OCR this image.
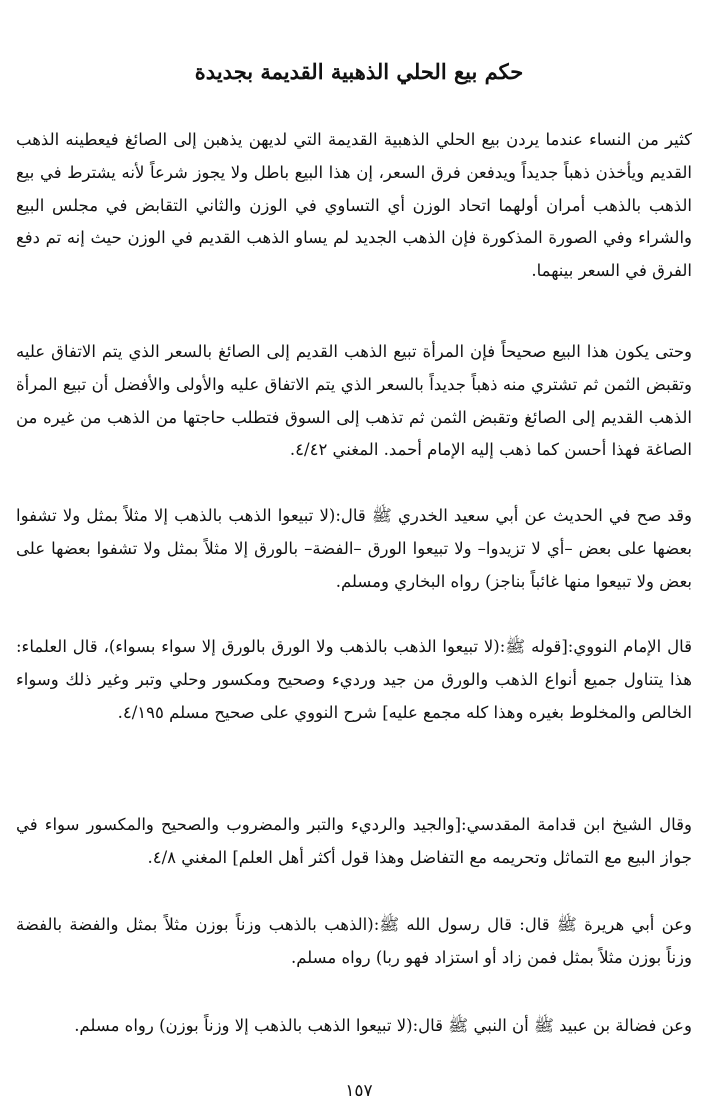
حكم بيع الحلي الذهبية القديمة بجديدة

كثير من النساء عندما يردن بيع الحلي الذهبية القديمة التي لديهن يذهبن إلى الصائغ فيعطينه الذهب القديم ويأخذن ذهباً جديداً ويدفعن فرق السعر، إن هذا البيع باطل ولا يجوز شرعاً لأنه يشترط في بيع الذهب بالذهب أمران أولهما اتحاد الوزن أي التساوي في الوزن والثاني التقابض في مجلس البيع والشراء وفي الصورة المذكورة فإن الذهب الجديد لم يساو الذهب القديم في الوزن حيث إنه تم دفع الفرق في السعر بينهما.

وحتى يكون هذا البيع صحيحاً فإن المرأة تبيع الذهب القديم إلى الصائغ بالسعر الذي يتم الاتفاق عليه وتقبض الثمن ثم تشتري منه ذهباً جديداً بالسعر الذي يتم الاتفاق عليه والأولى والأفضل أن تبيع المرأة الذهب القديم إلى الصائغ وتقبض الثمن ثم تذهب إلى السوق فتطلب حاجتها من الذهب من غيره من الصاغة فهذا أحسن كما ذهب إليه الإمام أحمد. المغني ٤/٤٢.

وقد صح في الحديث عن أبي سعيد الخدري ﷺ قال:(لا تبيعوا الذهب بالذهب إلا مثلاً بمثل ولا تشفوا بعضها على بعض –أي لا تزيدوا– ولا تبيعوا الورق –الفضة– بالورق إلا مثلاً بمثل ولا تشفوا بعضها على بعض ولا تبيعوا منها غائباً بناجز) رواه البخاري ومسلم.

قال الإمام النووي:[قوله ﷺ:(لا تبيعوا الذهب بالذهب ولا الورق بالورق إلا سواء بسواء)، قال العلماء: هذا يتناول جميع أنواع الذهب والورق من جيد ورديء وصحيح ومكسور وحلي وتبر وغير ذلك وسواء الخالص والمخلوط بغيره وهذا كله مجمع عليه] شرح النووي على صحيح مسلم ٤/١٩٥.

وقال الشيخ ابن قدامة المقدسي:[والجيد والرديء والتبر والمضروب والصحيح والمكسور سواء في جواز البيع مع التماثل وتحريمه مع التفاضل وهذا قول أكثر أهل العلم] المغني ٤/٨.

وعن أبي هريرة ﷺ قال: قال رسول الله ﷺ:(الذهب بالذهب وزناً بوزن مثلاً بمثل والفضة بالفضة وزناً بوزن مثلاً بمثل فمن زاد أو استزاد فهو ربا) رواه مسلم.

وعن فضالة بن عبيد ﷺ أن النبي ﷺ قال:(لا تبيعوا الذهب بالذهب إلا وزناً بوزن) رواه مسلم.

١٥٧
